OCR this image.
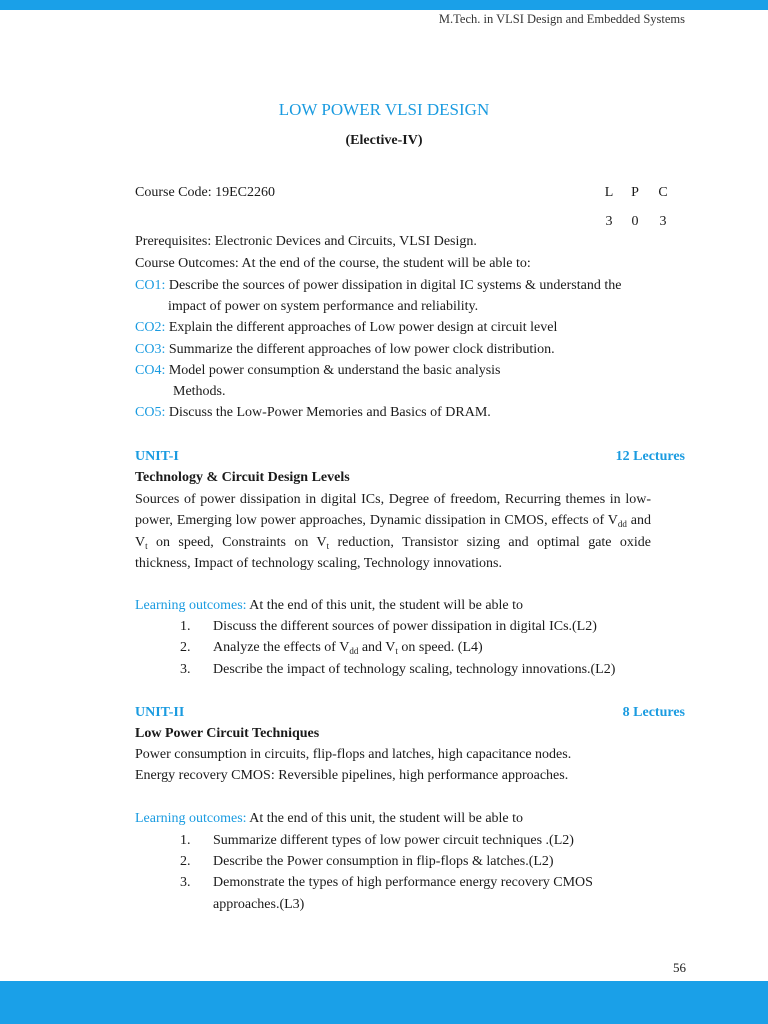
M.Tech. in VLSI Design and Embedded Systems
LOW POWER VLSI DESIGN
(Elective-IV)
Course Code: 19EC2260	L P C
3 0 3
Prerequisites: Electronic Devices and Circuits, VLSI Design.
Course Outcomes: At the end of the course, the student will be able to:
CO1: Describe the sources of power dissipation in digital IC systems & understand the
impact of power on system performance and reliability.
CO2: Explain the different approaches of Low power design at circuit level
CO3: Summarize the different approaches of low power clock distribution.
CO4: Model power consumption & understand the basic analysis
Methods.
CO5: Discuss the Low-Power Memories and Basics of DRAM.
UNIT-I	12 Lectures
Technology & Circuit Design Levels
Sources of power dissipation in digital ICs, Degree of freedom, Recurring themes in low-power, Emerging low power approaches, Dynamic dissipation in CMOS, effects of $V_{dd}$ and $V_t$ on speed, Constraints on $V_t$ reduction, Transistor sizing and optimal gate oxide thickness, Impact of technology scaling, Technology innovations.
Learning outcomes: At the end of this unit, the student will be able to
1. Discuss the different sources of power dissipation in digital ICs.(L2)
2. Analyze the effects of $V_{dd}$ and $V_t$ on speed. (L4)
3. Describe the impact of technology scaling, technology innovations.(L2)
UNIT-II	8 Lectures
Low Power Circuit Techniques
Power consumption in circuits, flip-flops and latches, high capacitance nodes.
Energy recovery CMOS: Reversible pipelines, high performance approaches.
Learning outcomes: At the end of this unit, the student will be able to
1. Summarize different types of low power circuit techniques .(L2)
2. Describe the Power consumption in flip-flops & latches.(L2)
3. Demonstrate the types of high performance energy recovery CMOS
approaches.(L3)
56
